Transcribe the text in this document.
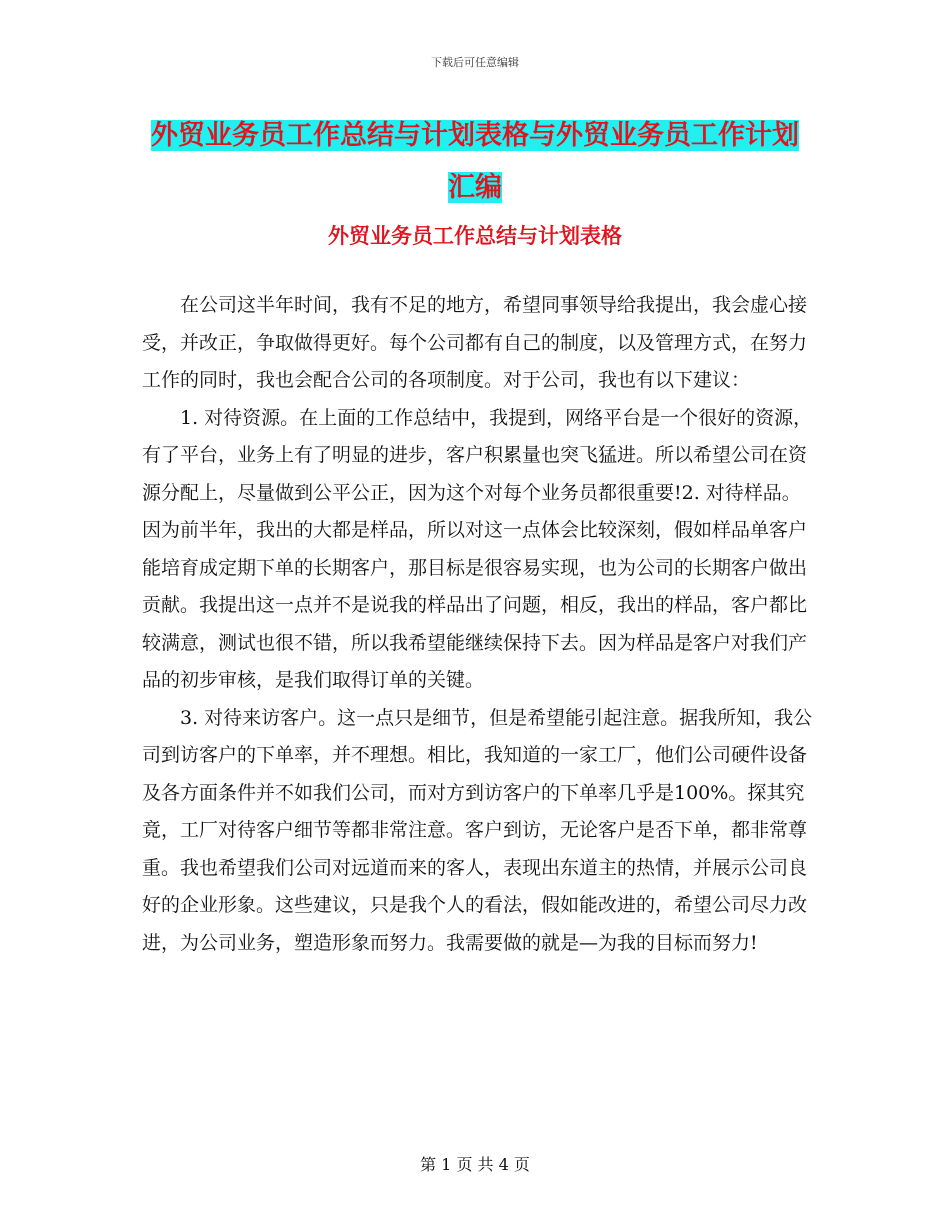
下载后可任意编辑
外贸业务员工作总结与计划表格与外贸业务员工作计划汇编
外贸业务员工作总结与计划表格

在公司这半年时间，我有不足的地方，希望同事领导给我提出，我会虚心接受，并改正，争取做得更好。每个公司都有自己的制度，以及管理方式，在努力工作的同时，我也会配合公司的各项制度。对于公司，我也有以下建议：

1. 对待资源。在上面的工作总结中，我提到，网络平台是一个很好的资源，有了平台，业务上有了明显的进步，客户积累量也突飞猛进。所以希望公司在资源分配上，尽量做到公平公正，因为这个对每个业务员都很重要!2. 对待样品。因为前半年，我出的大都是样品，所以对这一点体会比较深刻，假如样品单客户能培育成定期下单的长期客户，那目标是很容易实现，也为公司的长期客户做出贡献。我提出这一点并不是说我的样品出了问题，相反，我出的样品，客户都比较满意，测试也很不错，所以我希望能继续保持下去。因为样品是客户对我们产品的初步审核，是我们取得订单的关键。

3. 对待来访客户。这一点只是细节，但是希望能引起注意。据我所知，我公司到访客户的下单率，并不理想。相比，我知道的一家工厂，他们公司硬件设备及各方面条件并不如我们公司，而对方到访客户的下单率几乎是100%。探其究竟，工厂对待客户细节等都非常注意。客户到访，无论客户是否下单，都非常尊重。我也希望我们公司对远道而来的客人，表现出东道主的热情，并展示公司良好的企业形象。这些建议，只是我个人的看法，假如能改进的，希望公司尽力改进，为公司业务，塑造形象而努力。我需要做的就是—为我的目标而努力!

第 1 页 共 4 页
